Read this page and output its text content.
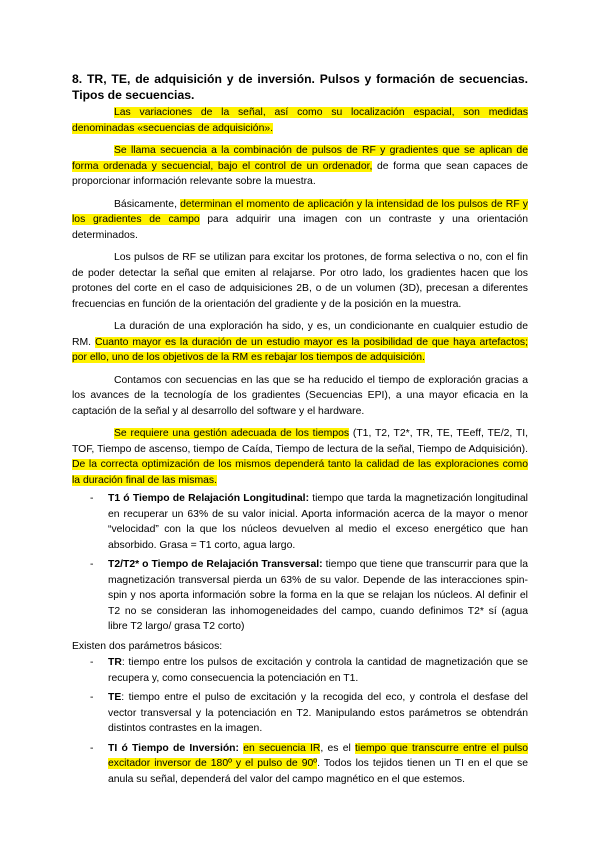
8. TR, TE, de adquisición y de inversión. Pulsos y formación de secuencias. Tipos de secuencias.

Las variaciones de la señal, así como su localización espacial, son medidas denominadas «secuencias de adquisición».

Se llama secuencia a la combinación de pulsos de RF y gradientes que se aplican de forma ordenada y secuencial, bajo el control de un ordenador, de forma que sean capaces de proporcionar información relevante sobre la muestra.

Básicamente, determinan el momento de aplicación y la intensidad de los pulsos de RF y los gradientes de campo para adquirir una imagen con un contraste y una orientación determinados.

Los pulsos de RF se utilizan para excitar los protones, de forma selectiva o no, con el fin de poder detectar la señal que emiten al relajarse. Por otro lado, los gradientes hacen que los protones del corte en el caso de adquisiciones 2B, o de un volumen (3D), precesan a diferentes frecuencias en función de la orientación del gradiente y de la posición en la muestra.

La duración de una exploración ha sido, y es, un condicionante en cualquier estudio de RM. Cuanto mayor es la duración de un estudio mayor es la posibilidad de que haya artefactos; por ello, uno de los objetivos de la RM es rebajar los tiempos de adquisición.

Contamos con secuencias en las que se ha reducido el tiempo de exploración gracias a los avances de la tecnología de los gradientes (Secuencias EPI), a una mayor eficacia en la captación de la señal y al desarrollo del software y el hardware.

Se requiere una gestión adecuada de los tiempos (T1, T2, T2*, TR, TE, TEeff, TE/2, TI, TOF, Tiempo de ascenso, tiempo de Caída, Tiempo de lectura de la señal, Tiempo de Adquisición). De la correcta optimización de los mismos dependerá tanto la calidad de las exploraciones como la duración final de las mismas.

- T1 ó Tiempo de Relajación Longitudinal: tiempo que tarda la magnetización longitudinal en recuperar un 63% de su valor inicial. Aporta información acerca de la mayor o menor “velocidad” con la que los núcleos devuelven al medio el exceso energético que han absorbido. Grasa = T1 corto, agua largo.
- T2/T2* o Tiempo de Relajación Transversal: tiempo que tiene que transcurrir para que la magnetización transversal pierda un 63% de su valor. Depende de las interacciones spin-spin y nos aporta información sobre la forma en la que se relajan los núcleos. Al definir el T2 no se consideran las inhomogeneidades del campo, cuando definimos T2* sí (agua libre T2 largo/ grasa T2 corto)

Existen dos parámetros básicos:

- TR: tiempo entre los pulsos de excitación y controla la cantidad de magnetización que se recupera y, como consecuencia la potenciación en T1.
- TE: tiempo entre el pulso de excitación y la recogida del eco, y controla el desfase del vector transversal y la potenciación en T2. Manipulando estos parámetros se obtendrán distintos contrastes en la imagen.
- TI ó Tiempo de Inversión: en secuencia IR, es el tiempo que transcurre entre el pulso excitador inversor de 180º y el pulso de 90º. Todos los tejidos tienen un TI en el que se anula su señal, dependerá del valor del campo magnético en el que estemos.
